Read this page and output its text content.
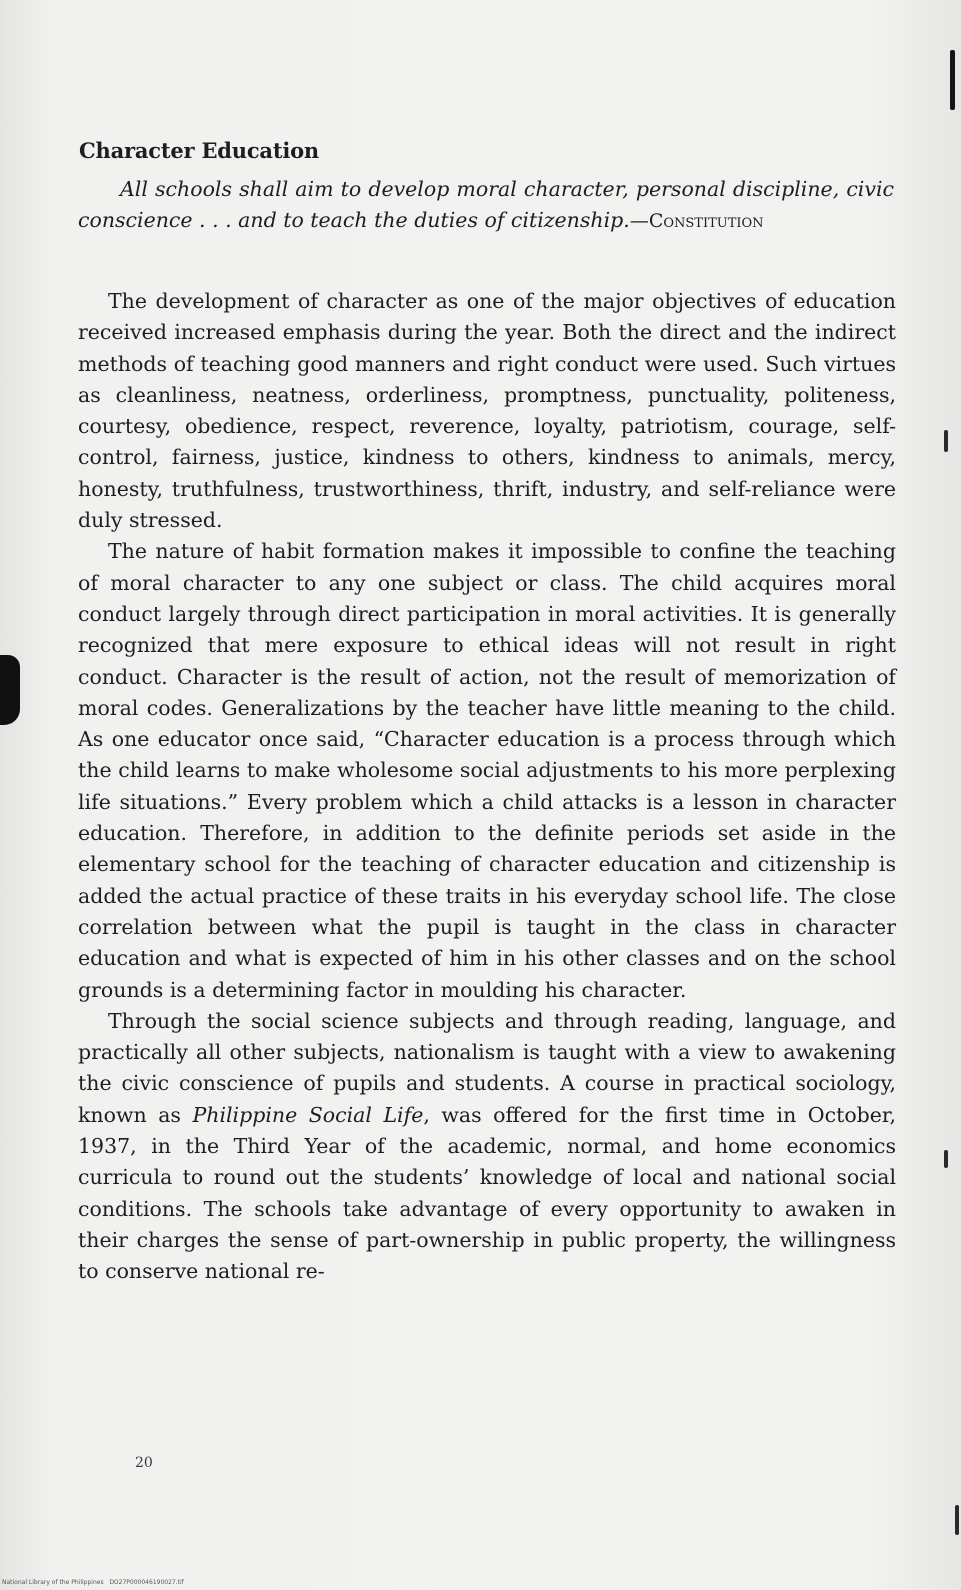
Character Education

All schools shall aim to develop moral character, personal discipline, civic conscience . . . and to teach the duties of citizenship.—Constitution

The development of character as one of the major objectives of education received increased emphasis during the year. Both the direct and the indirect methods of teaching good manners and right conduct were used. Such virtues as cleanliness, neatness, orderliness, promptness, punctuality, politeness, courtesy, obedience, respect, reverence, loyalty, patriotism, courage, self-control, fairness, justice, kindness to others, kindness to animals, mercy, honesty, truthfulness, trustworthiness, thrift, industry, and self-reliance were duly stressed.

The nature of habit formation makes it impossible to confine the teaching of moral character to any one subject or class. The child acquires moral conduct largely through direct participation in moral activities. It is generally recognized that mere exposure to ethical ideas will not result in right conduct. Character is the result of action, not the result of memorization of moral codes. Generalizations by the teacher have little meaning to the child. As one educator once said, “Character education is a process through which the child learns to make wholesome social adjustments to his more perplexing life situations.” Every problem which a child attacks is a lesson in character education. Therefore, in addition to the definite periods set aside in the elementary school for the teaching of character education and citizenship is added the actual practice of these traits in his everyday school life. The close correlation between what the pupil is taught in the class in character education and what is expected of him in his other classes and on the school grounds is a determining factor in moulding his character.

Through the social science subjects and through reading, language, and practically all other subjects, nationalism is taught with a view to awakening the civic conscience of pupils and students. A course in practical sociology, known as Philippine Social Life, was offered for the first time in October, 1937, in the Third Year of the academic, normal, and home economics curricula to round out the students’ knowledge of local and national social conditions. The schools take advantage of every opportunity to awaken in their charges the sense of part-ownership in public property, the willingness to conserve national re-

20
National Library of the Philippines DO27P000046190027.tif
